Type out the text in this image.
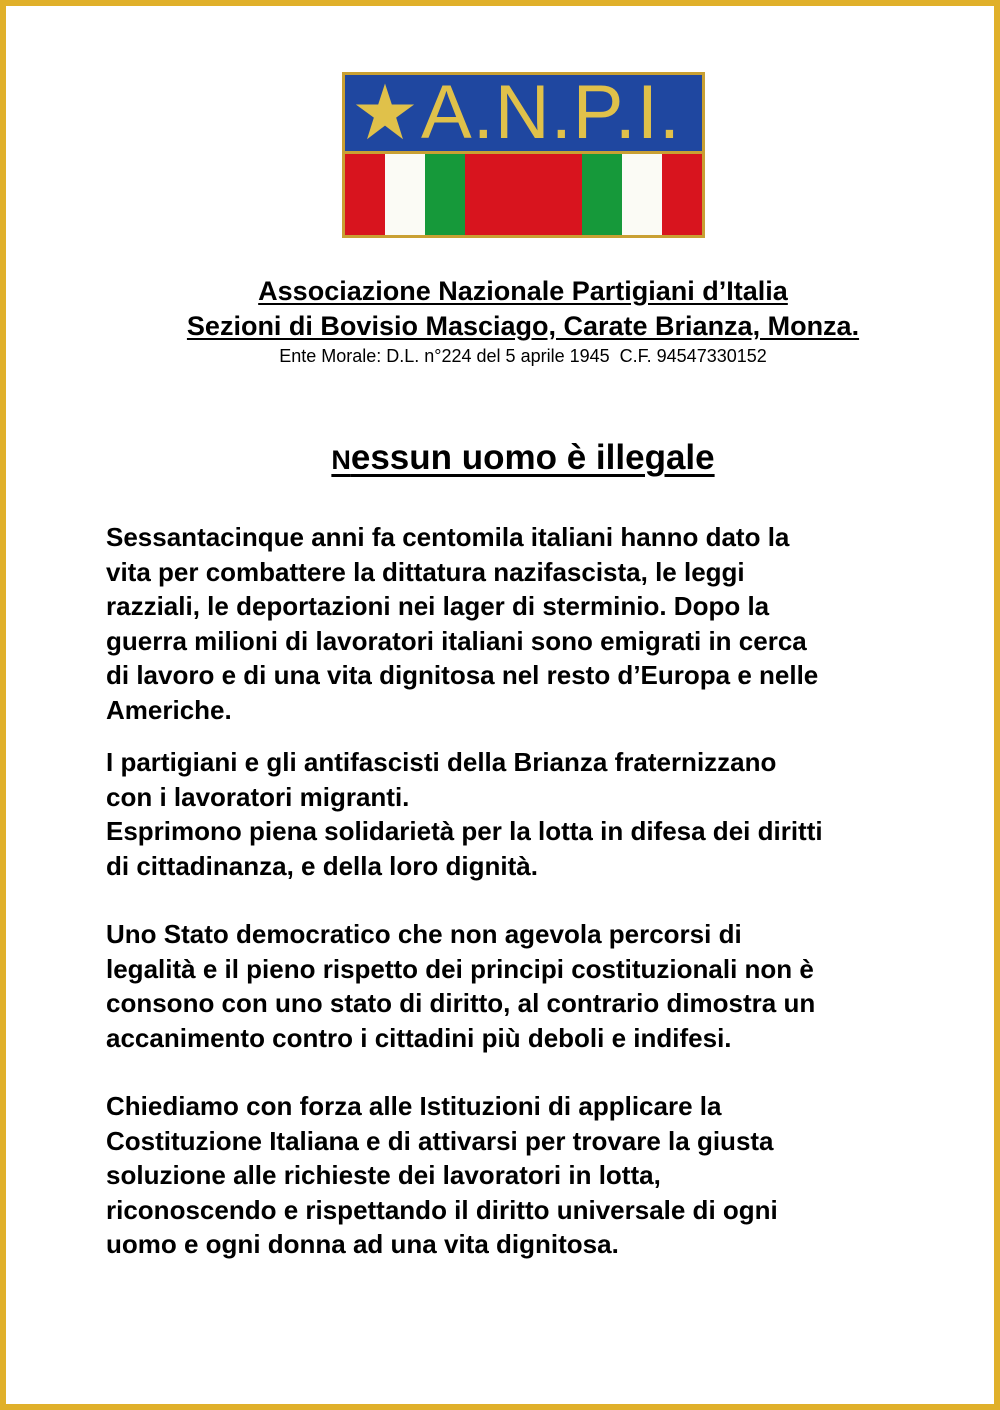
A.N.P.I.
Associazione Nazionale Partigiani d’Italia
Sezioni di Bovisio Masciago, Carate Brianza, Monza.
Ente Morale: D.L. n°224 del 5 aprile 1945  C.F. 94547330152
Nessun uomo è illegale
Sessantacinque anni fa centomila italiani hanno dato la
vita per combattere la dittatura nazifascista, le leggi
razziali, le deportazioni nei lager di sterminio. Dopo la
guerra milioni di lavoratori italiani sono emigrati in cerca
di lavoro e di una vita dignitosa nel resto d’Europa e nelle
Americhe.
I partigiani e gli antifascisti della Brianza fraternizzano
con i lavoratori migranti.
Esprimono piena solidarietà per la lotta in difesa dei diritti
di cittadinanza, e della loro dignità.
Uno Stato democratico che non agevola percorsi di
legalità e il pieno rispetto dei principi costituzionali non è
consono con uno stato di diritto, al contrario dimostra un
accanimento contro i cittadini più deboli e indifesi.
Chiediamo con forza alle Istituzioni di applicare la
Costituzione Italiana e di attivarsi per trovare la giusta
soluzione alle richieste dei lavoratori in lotta,
riconoscendo e rispettando il diritto universale di ogni
uomo e ogni donna ad una vita dignitosa.
